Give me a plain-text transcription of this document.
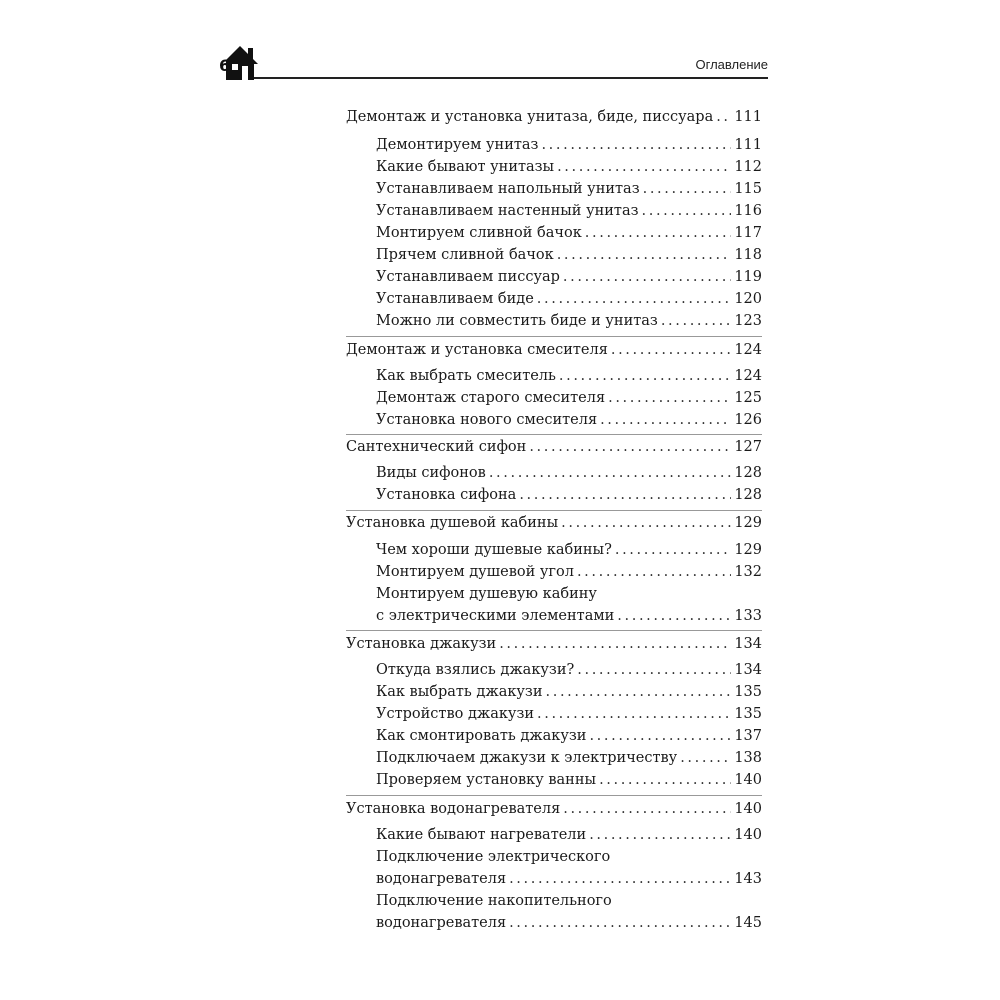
6	Оглавление
Демонтаж и установка унитаза, биде, писсуара . . . 111
Демонтируем унитаз . . .	111
Какие бывают унитазы . . .	112
Устанавливаем напольный унитаз . . .	115
Устанавливаем настенный унитаз . . .	116
Монтируем сливной бачок . . .	117
Прячем сливной бачок . . .	118
Устанавливаем писсуар . . .	119
Устанавливаем биде . . .	120
Можно ли совместить биде и унитаз . . .	123
Демонтаж и установка смесителя . . .	124
Как выбрать смеситель . . .	124
Демонтаж старого смесителя . . .	125
Установка нового смесителя . . .	126
Сантехнический сифон . . .	127
Виды сифонов . . .	128
Установка сифона . . .	128
Установка душевой кабины . . .	129
Чем хороши душевые кабины? . . .	129
Монтируем душевой угол . . .	132
Монтируем душевую кабину
с электрическими элементами . . .	133
Установка джакузи . . .	134
Откуда взялись джакузи? . . .	134
Как выбрать джакузи . . .	135
Устройство джакузи . . .	135
Как смонтировать джакузи . . .	137
Подключаем джакузи к электричеству . . .	138
Проверяем установку ванны . . .	140
Установка водонагревателя . . .	140
Какие бывают нагреватели . . .	140
Подключение электрического
водонагревателя . . .	143
Подключение накопительного
водонагревателя . . .	145
